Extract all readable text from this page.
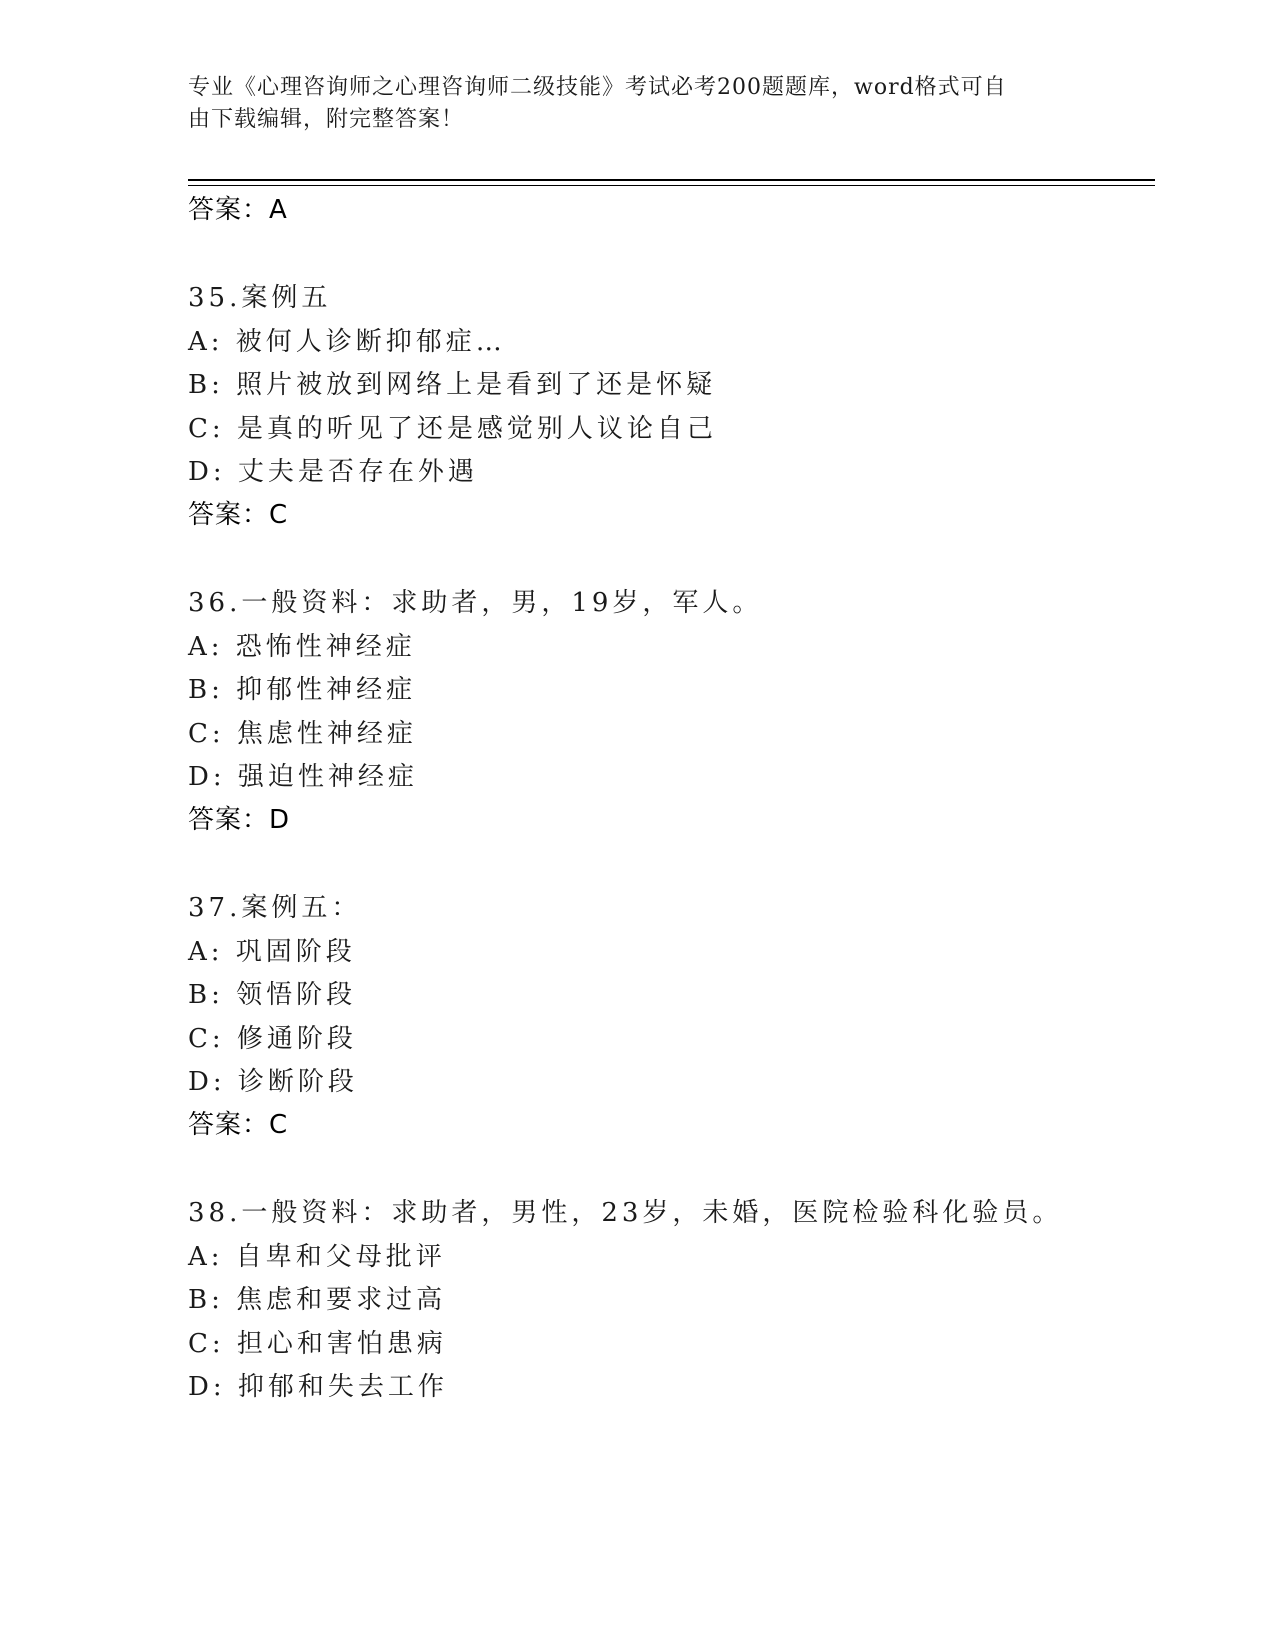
专业《心理咨询师之心理咨询师二级技能》考试必考200题题库，word格式可自
由下载编辑，附完整答案！
答案：A
35.案例五
A: 被何人诊断抑郁症…
B: 照片被放到网络上是看到了还是怀疑
C: 是真的听见了还是感觉别人议论自己
D: 丈夫是否存在外遇
答案：C
36.一般资料：求助者，男，19岁，军人。
A: 恐怖性神经症
B: 抑郁性神经症
C: 焦虑性神经症
D: 强迫性神经症
答案：D
37.案例五：
A: 巩固阶段
B: 领悟阶段
C: 修通阶段
D: 诊断阶段
答案：C
38.一般资料：求助者，男性，23岁，未婚，医院检验科化验员。
A: 自卑和父母批评
B: 焦虑和要求过高
C: 担心和害怕患病
D: 抑郁和失去工作
